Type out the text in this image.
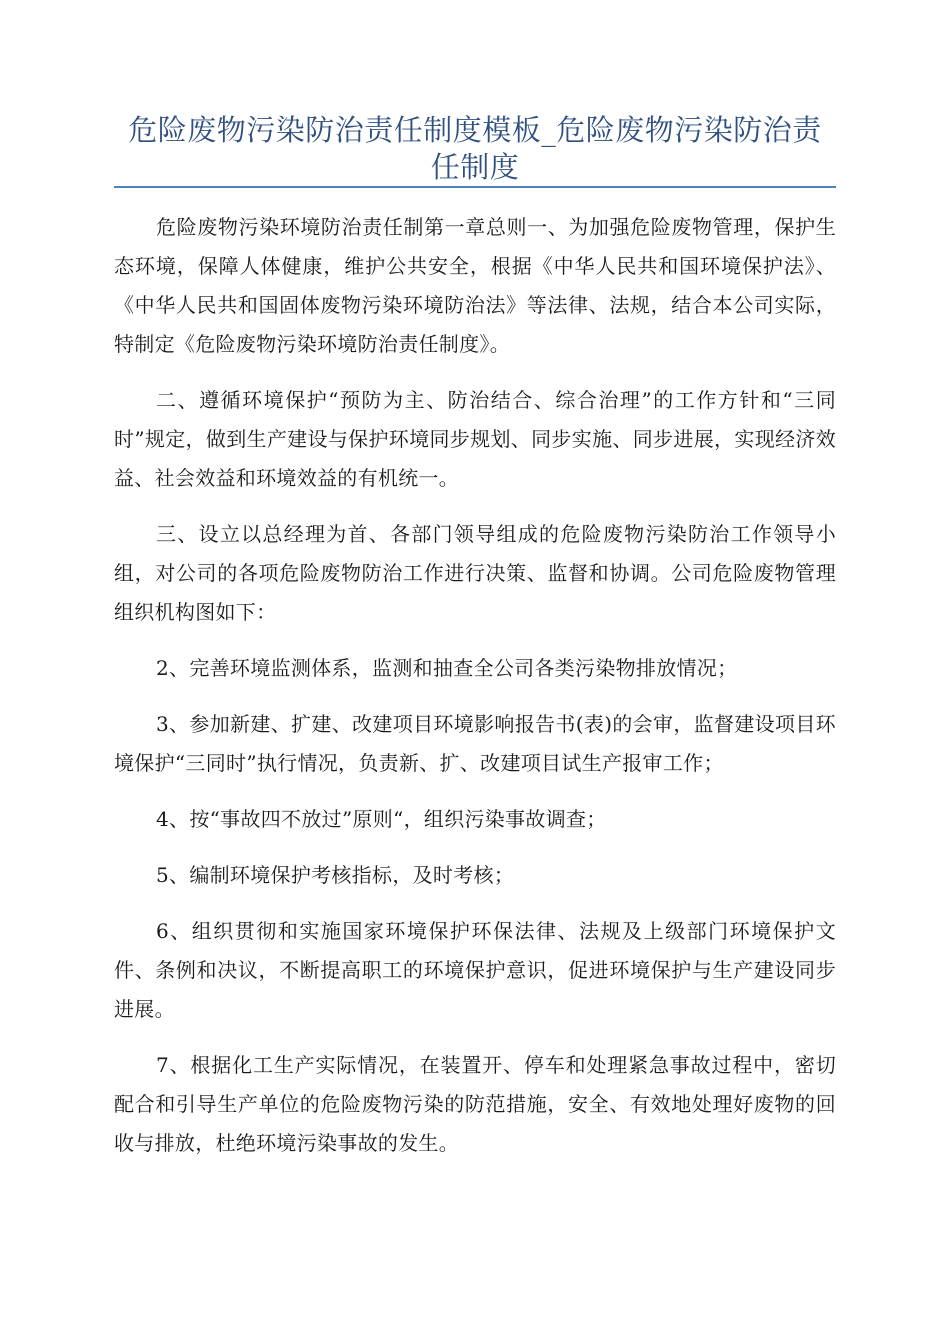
危险废物污染防治责任制度模板_危险废物污染防治责任制度

危险废物污染环境防治责任制第一章总则一、为加强危险废物管理，保护生态环境，保障人体健康，维护公共安全，根据《中华人民共和国环境保护法》、《中华人民共和国固体废物污染环境防治法》等法律、法规，结合本公司实际，特制定《危险废物污染环境防治责任制度》。

二、遵循环境保护“预防为主、防治结合、综合治理”的工作方针和“三同时”规定，做到生产建设与保护环境同步规划、同步实施、同步进展，实现经济效益、社会效益和环境效益的有机统一。

三、设立以总经理为首、各部门领导组成的危险废物污染防治工作领导小组，对公司的各项危险废物防治工作进行决策、监督和协调。公司危险废物管理组织机构图如下：

2、完善环境监测体系，监测和抽查全公司各类污染物排放情况；

3、参加新建、扩建、改建项目环境影响报告书(表)的会审，监督建设项目环境保护“三同时”执行情况，负责新、扩、改建项目试生产报审工作；

4、按“事故四不放过”原则“，组织污染事故调查；

5、编制环境保护考核指标，及时考核；

6、组织贯彻和实施国家环境保护环保法律、法规及上级部门环境保护文件、条例和决议，不断提高职工的环境保护意识，促进环境保护与生产建设同步进展。

7、根据化工生产实际情况，在装置开、停车和处理紧急事故过程中，密切配合和引导生产单位的危险废物污染的防范措施，安全、有效地处理好废物的回收与排放，杜绝环境污染事故的发生。
